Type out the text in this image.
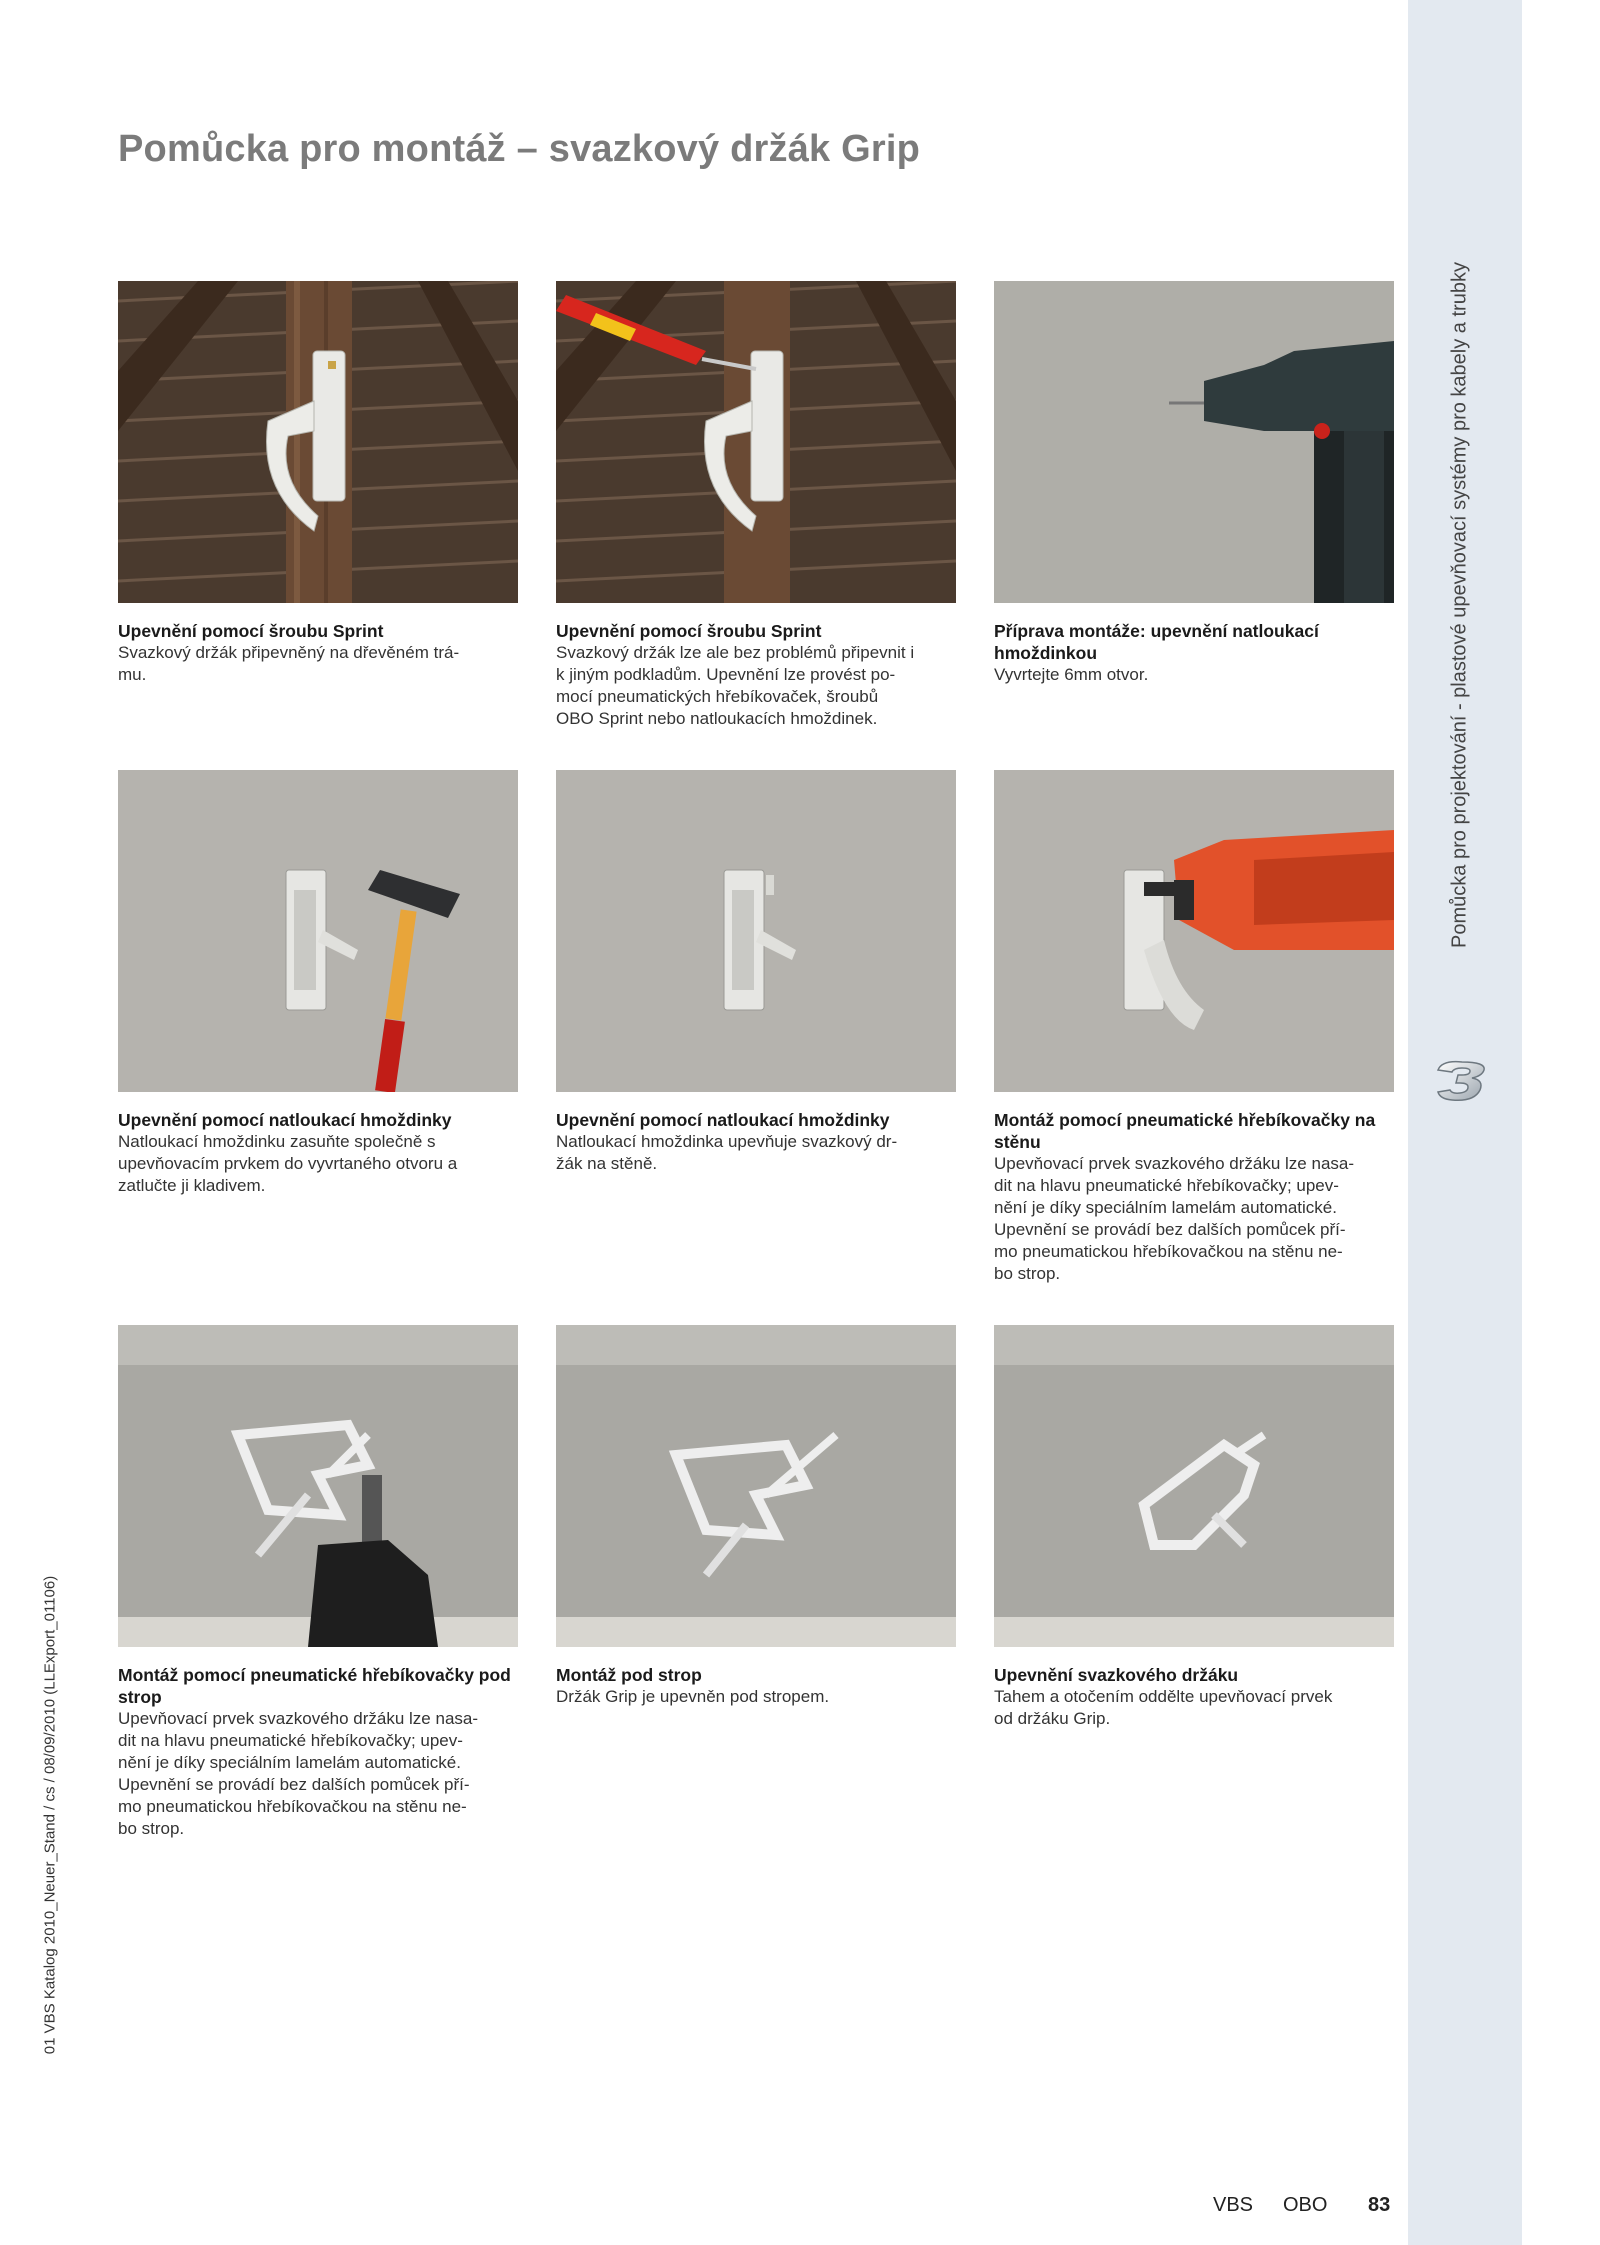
Pomůcka pro montáž – svazkový držák Grip
Pomůcka pro projektování - plastové upevňovací systémy pro kabely a trubky
01 VBS Katalog 2010_Neuer_Stand / cs / 08/09/2010 (LLExport_01106)
Upevnění pomocí šroubu Sprint
Svazkový držák připevněný na dřevěném trá-
mu.
Upevnění pomocí šroubu Sprint
Svazkový držák lze ale bez problémů připevnit i
k jiným podkladům. Upevnění lze provést po-
mocí pneumatických hřebíkovaček, šroubů
OBO Sprint nebo natloukacích hmoždinek.
Příprava montáže: upevnění natloukací hmoždinkou
Vyvrtejte 6mm otvor.
Upevnění pomocí natloukací hmoždinky
Natloukací hmoždinku zasuňte společně s
upevňovacím prvkem do vyvrtaného otvoru a
zatlučte ji kladivem.
Upevnění pomocí natloukací hmoždinky
Natloukací hmoždinka upevňuje svazkový dr-
žák na stěně.
Montáž pomocí pneumatické hřebíkovačky na stěnu
Upevňovací prvek svazkového držáku lze nasa-
dit na hlavu pneumatické hřebíkovačky; upev-
nění je díky speciálním lamelám automatické.
Upevnění se provádí bez dalších pomůcek pří-
mo pneumatickou hřebíkovačkou na stěnu ne-
bo strop.
Montáž pomocí pneumatické hřebíkovačky pod strop
Upevňovací prvek svazkového držáku lze nasa-
dit na hlavu pneumatické hřebíkovačky; upev-
nění je díky speciálním lamelám automatické.
Upevnění se provádí bez dalších pomůcek pří-
mo pneumatickou hřebíkovačkou na stěnu ne-
bo strop.
Montáž pod strop
Držák Grip je upevněn pod stropem.
Upevnění svazkového držáku
Tahem a otočením oddělte upevňovací prvek
od držáku Grip.
VBS OBO 83
